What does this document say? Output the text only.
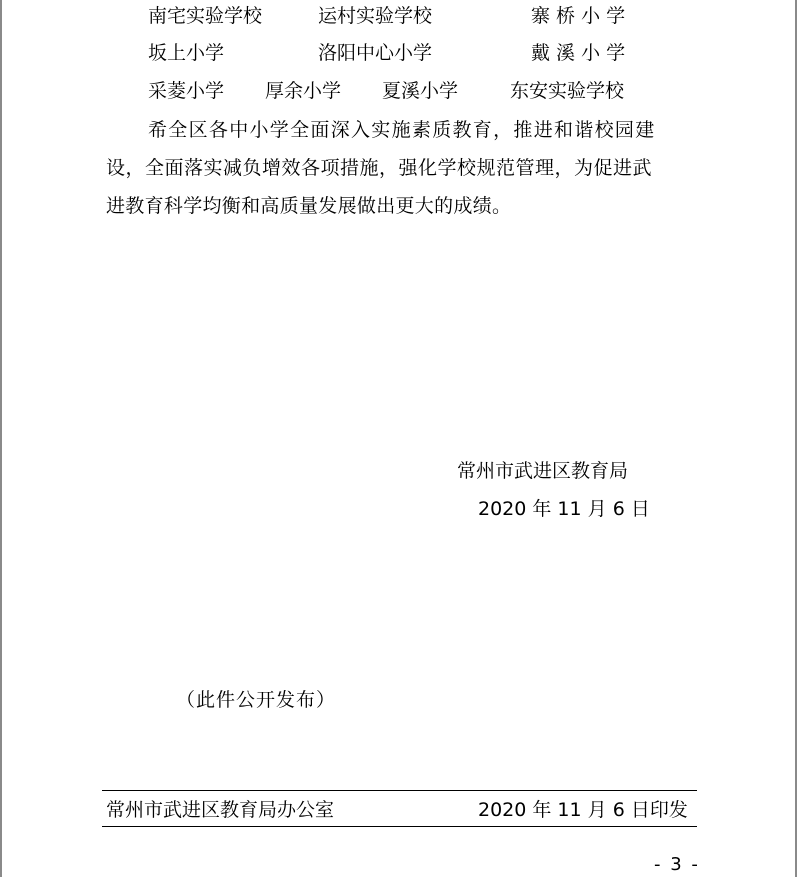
南宅实验学校	运村实验学校	寨 桥 小 学
坂上小学	洛阳中心小学	戴 溪 小 学
采菱小学 厚余小学 夏溪小学	东安实验学校
希全区各中小学全面深入实施素质教育，推进和谐校园建
设，全面落实减负增效各项措施，强化学校规范管理，为促进武
进教育科学均衡和高质量发展做出更大的成绩。
常州市武进区教育局
2020 年 11 月 6 日
（此件公开发布）
常州市武进区教育局办公室	2020 年 11 月 6 日印发
- 3 -
